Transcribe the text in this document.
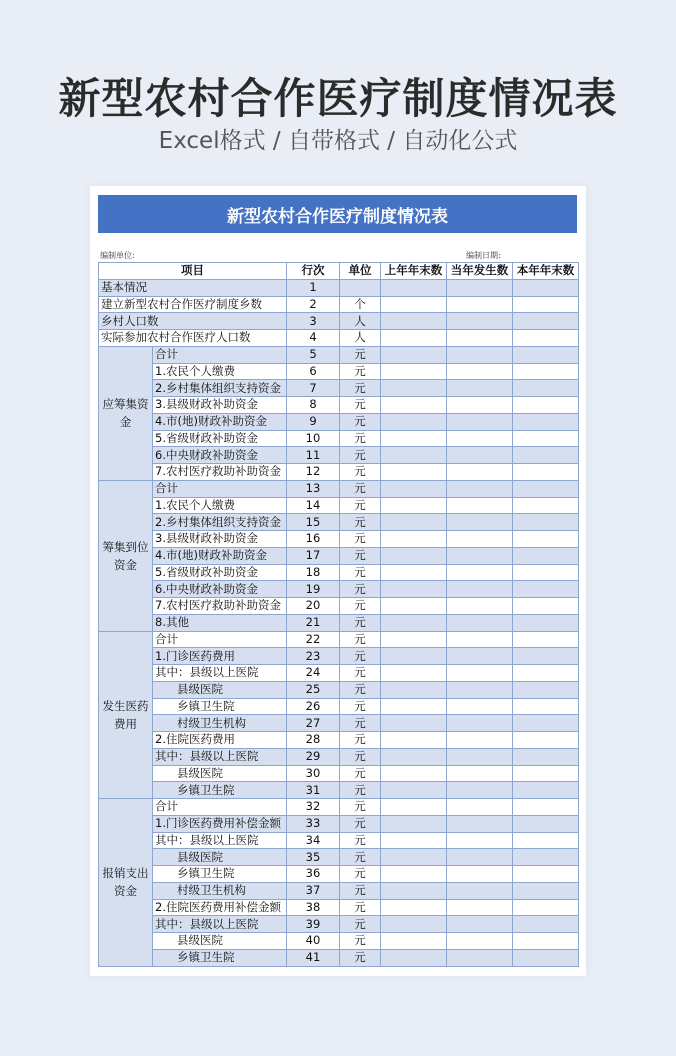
新型农村合作医疗制度情况表
Excel格式 / 自带格式 / 自动化公式
新型农村合作医疗制度情况表
编制单位:	编制日期:
项目		行次	单位	上年年末数	当年发生数	本年年末数
基本情况		1				
建立新型农村合作医疗制度乡数		2	个			
乡村人口数		3	人			
实际参加农村合作医疗人口数		4	人			
应筹集资金	合计	5	元			
	1.农民个人缴费	6	元			
	2.乡村集体组织支持资金	7	元			
	3.县级财政补助资金	8	元			
	4.市(地)财政补助资金	9	元			
	5.省级财政补助资金	10	元			
	6.中央财政补助资金	11	元			
	7.农村医疗救助补助资金	12	元			
筹集到位资金	合计	13	元			
	1.农民个人缴费	14	元			
	2.乡村集体组织支持资金	15	元			
	3.县级财政补助资金	16	元			
	4.市(地)财政补助资金	17	元			
	5.省级财政补助资金	18	元			
	6.中央财政补助资金	19	元			
	7.农村医疗救助补助资金	20	元			
	8.其他	21	元			
发生医药费用	合计	22	元			
	1.门诊医药费用	23	元			
	其中：县级以上医院	24	元			
	县级医院	25	元			
	乡镇卫生院	26	元			
	村级卫生机构	27	元			
	2.住院医药费用	28	元			
	其中：县级以上医院	29	元			
	县级医院	30	元			
	乡镇卫生院	31	元			
报销支出资金	合计	32	元			
	1.门诊医药费用补偿金额	33	元			
	其中：县级以上医院	34	元			
	县级医院	35	元			
	乡镇卫生院	36	元			
	村级卫生机构	37	元			
	2.住院医药费用补偿金额	38	元			
	其中：县级以上医院	39	元			
	县级医院	40	元			
	乡镇卫生院	41	元			
